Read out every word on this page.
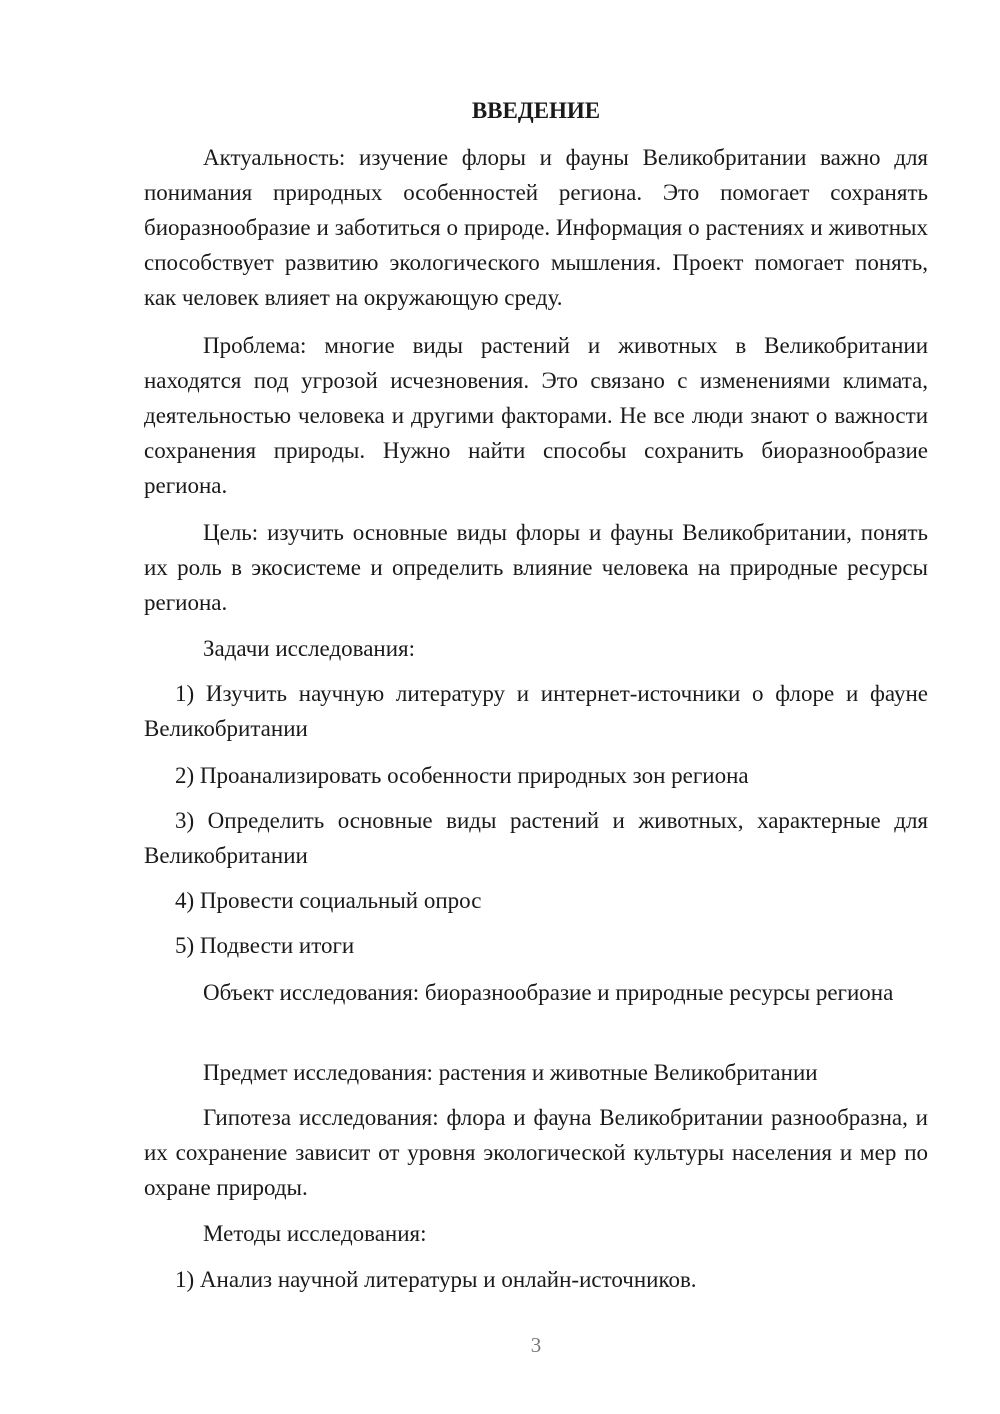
ВВЕДЕНИЕ

Актуальность: изучение флоры и фауны Великобритании важно для понимания природных особенностей региона. Это помогает сохранять биоразнообразие и заботиться о природе. Информация о растениях и животных способствует развитию экологического мышления. Проект помогает понять, как человек влияет на окружающую среду.

Проблема: многие виды растений и животных в Великобритании находятся под угрозой исчезновения. Это связано с изменениями климата, деятельностью человека и другими факторами. Не все люди знают о важности сохранения природы. Нужно найти способы сохранить биоразнообразие региона.

Цель: изучить основные виды флоры и фауны Великобритании, понять их роль в экосистеме и определить влияние человека на природные ресурсы региона.

Задачи исследования:

1) Изучить научную литературу и интернет-источники о флоре и фауне Великобритании

2) Проанализировать особенности природных зон региона

3) Определить основные виды растений и животных, характерные для Великобритании

4) Провести социальный опрос

5) Подвести итоги

Объект исследования: биоразнообразие и природные ресурсы региона

Предмет исследования: растения и животные Великобритании

Гипотеза исследования: флора и фауна Великобритании разнообразна, и их сохранение зависит от уровня экологической культуры населения и мер по охране природы.

Методы исследования:

1) Анализ научной литературы и онлайн-источников.

3
